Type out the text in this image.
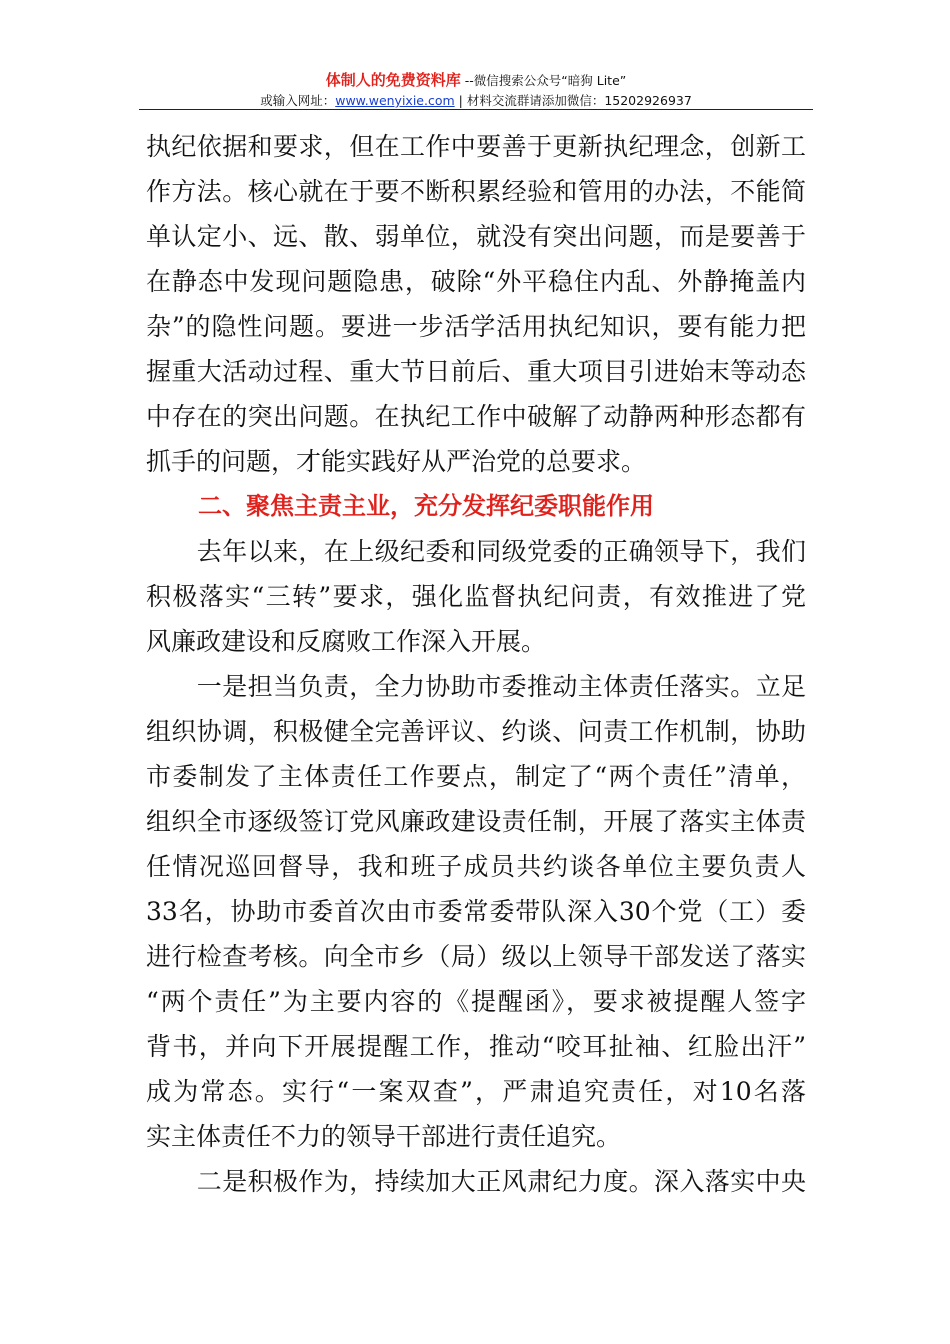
体制人的免费资料库 --微信搜索公众号“暗狗 Lite”
或输入网址：www.wenyixie.com | 材料交流群请添加微信：15202926937
执纪依据和要求，但在工作中要善于更新执纪理念，创新工
作方法。核心就在于要不断积累经验和管用的办法，不能简
单认定小、远、散、弱单位，就没有突出问题，而是要善于
在静态中发现问题隐患，破除“外平稳住内乱、外静掩盖内
杂”的隐性问题。要进一步活学活用执纪知识，要有能力把
握重大活动过程、重大节日前后、重大项目引进始末等动态
中存在的突出问题。在执纪工作中破解了动静两种形态都有
抓手的问题，才能实践好从严治党的总要求。
二、聚焦主责主业，充分发挥纪委职能作用
　　去年以来，在上级纪委和同级党委的正确领导下，我们
积极落实“三转”要求，强化监督执纪问责，有效推进了党
风廉政建设和反腐败工作深入开展。
　　一是担当负责，全力协助市委推动主体责任落实。立足
组织协调，积极健全完善评议、约谈、问责工作机制，协助
市委制发了主体责任工作要点，制定了“两个责任”清单，
组织全市逐级签订党风廉政建设责任制，开展了落实主体责
任情况巡回督导，我和班子成员共约谈各单位主要负责人
33名，协助市委首次由市委常委带队深入30个党（工）委
进行检查考核。向全市乡（局）级以上领导干部发送了落实
“两个责任”为主要内容的《提醒函》，要求被提醒人签字
背书，并向下开展提醒工作，推动“咬耳扯袖、红脸出汗”
成为常态。实行“一案双查”，严肃追究责任，对10名落
实主体责任不力的领导干部进行责任追究。
　　二是积极作为，持续加大正风肃纪力度。深入落实中央
